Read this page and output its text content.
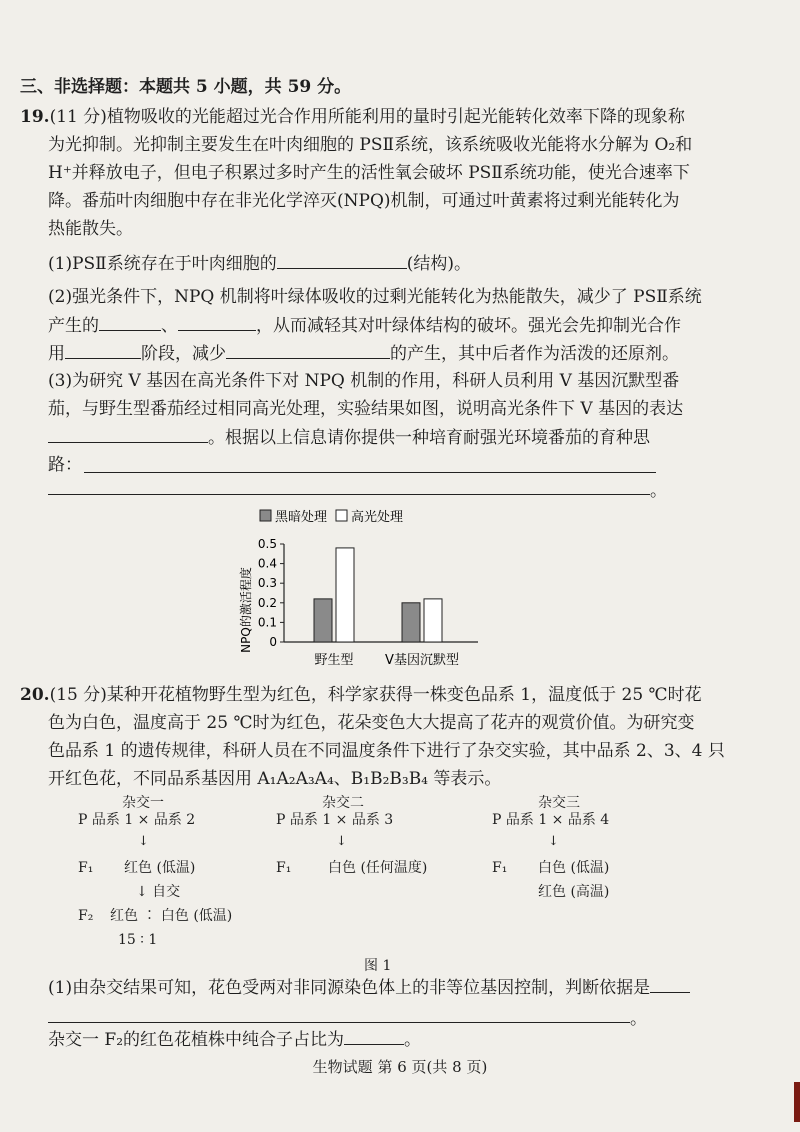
三、非选择题：本题共 5 小题，共 59 分。
19.(11 分)植物吸收的光能超过光合作用所能利用的量时引起光能转化效率下降的现象称
为光抑制。光抑制主要发生在叶肉细胞的 PSⅡ系统，该系统吸收光能将水分解为 O₂和
H⁺并释放电子，但电子积累过多时产生的活性氧会破坏 PSⅡ系统功能，使光合速率下
降。番茄叶肉细胞中存在非光化学淬灭(NPQ)机制，可通过叶黄素将过剩光能转化为
热能散失。
(1)PSⅡ系统存在于叶肉细胞的	(结构)。
(2)强光条件下，NPQ 机制将叶绿体吸收的过剩光能转化为热能散失，减少了 PSⅡ系统
产生的	、	，从而减轻其对叶绿体结构的破坏。强光会先抑制光合作
用	阶段，减少	的产生，其中后者作为活泼的还原剂。
(3)为研究 V 基因在高光条件下对 NPQ 机制的作用，科研人员利用 V 基因沉默型番
茄，与野生型番茄经过相同高光处理，实验结果如图，说明高光条件下 V 基因的表达
。根据以上信息请你提供一种培育耐强光环境番茄的育种思
路：
。
黑暗处理 高光处理
NPQ的激活程度 0
0.1
0.2
0.3
0.4
0.5
野生型 V基因沉默型
20.(15 分)某种开花植物野生型为红色，科学家获得一株变色品系 1，温度低于 25 ℃时花
色为白色，温度高于 25 ℃时为红色，花朵变色大大提高了花卉的观赏价值。为研究变
色品系 1 的遗传规律，科研人员在不同温度条件下进行了杂交实验，其中品系 2、3、4 只
开红色花，不同品系基因用 A₁A₂A₃A₄、B₁B₂B₃B₄ 等表示。
杂交一
P 品系 1 × 品系 2
↓
F₁ 红色 (低温)
↓ 自交
F₂ 红色 ∶ 白色 (低温)
15 ∶ 1
杂交二
P 品系 1 × 品系 3
↓
F₁	白色 (任何温度)
杂交三
P 品系 1 × 品系 4
↓
F₁ 白色 (低温)
红色 (高温)
图 1
(1)由杂交结果可知，花色受两对非同源染色体上的非等位基因控制，判断依据是
。
杂交一 F₂的红色花植株中纯合子占比为	。
生物试题 第 6 页(共 8 页)
